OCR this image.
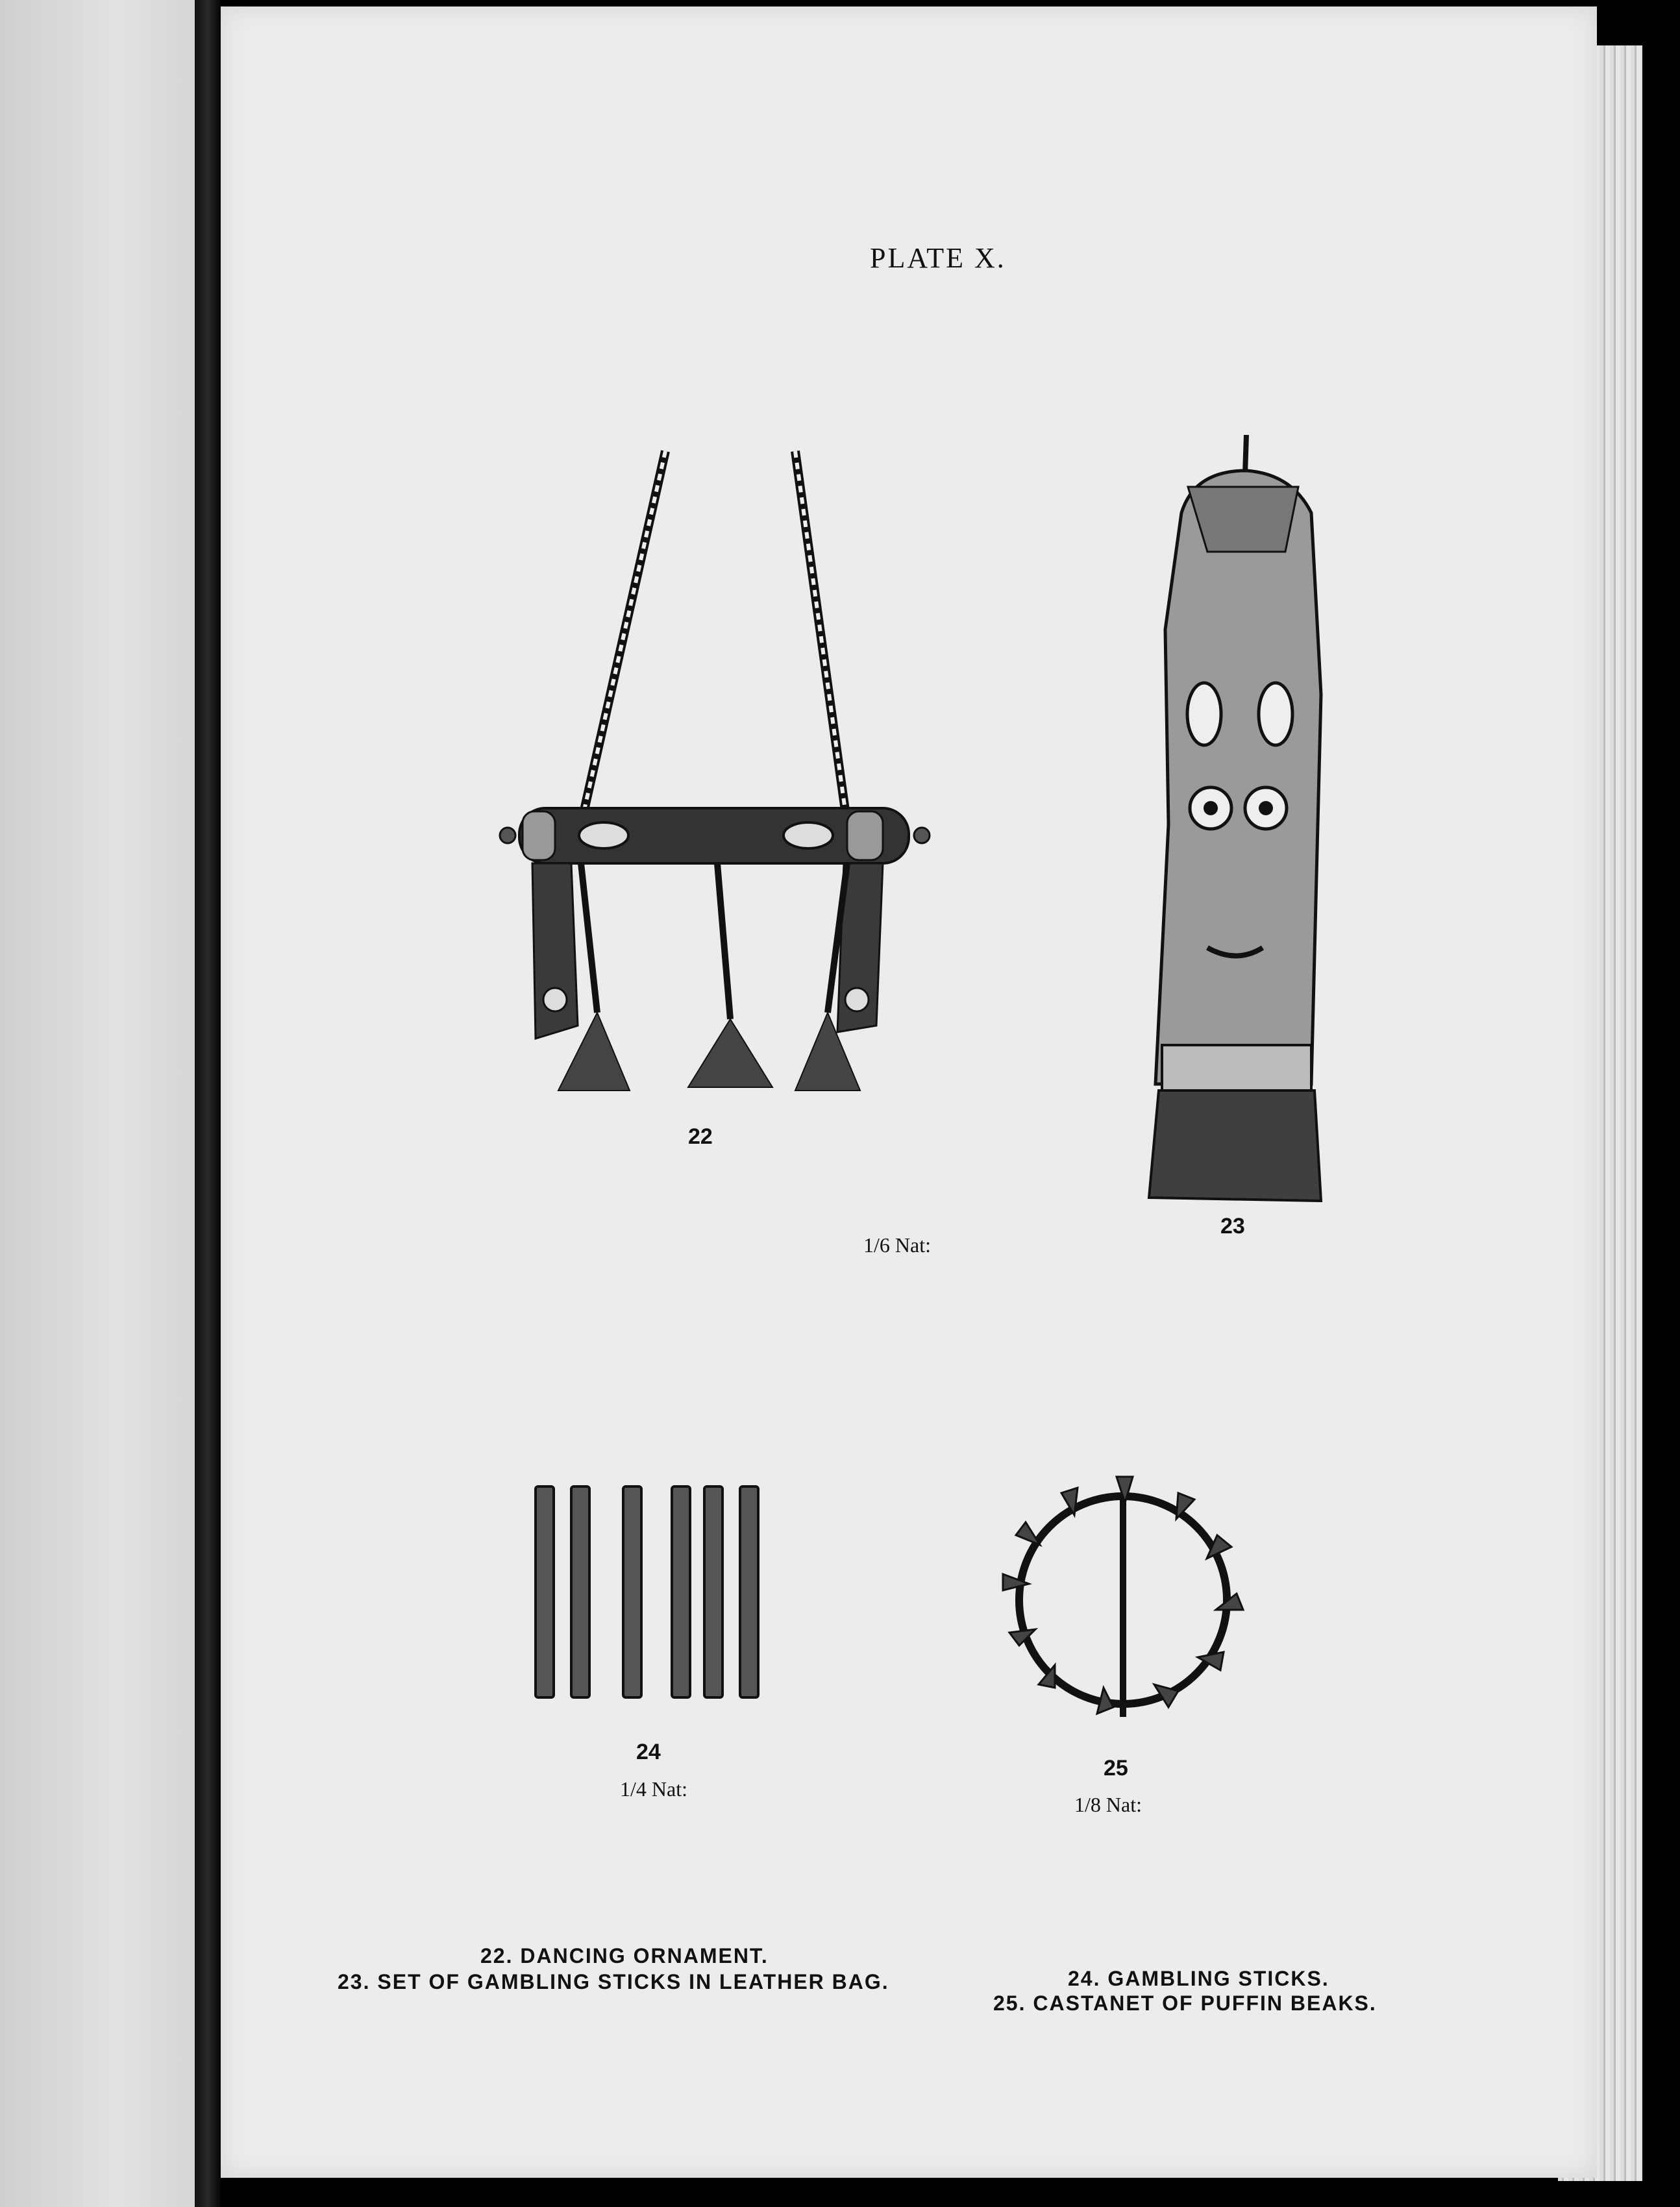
PLATE X.
22
23
1/6 Nat:
24
1/4 Nat:
25
1/8 Nat:
22. DANCING ORNAMENT.
23. SET OF GAMBLING STICKS IN LEATHER BAG.	24. GAMBLING STICKS.
25. CASTANET OF PUFFIN BEAKS.
